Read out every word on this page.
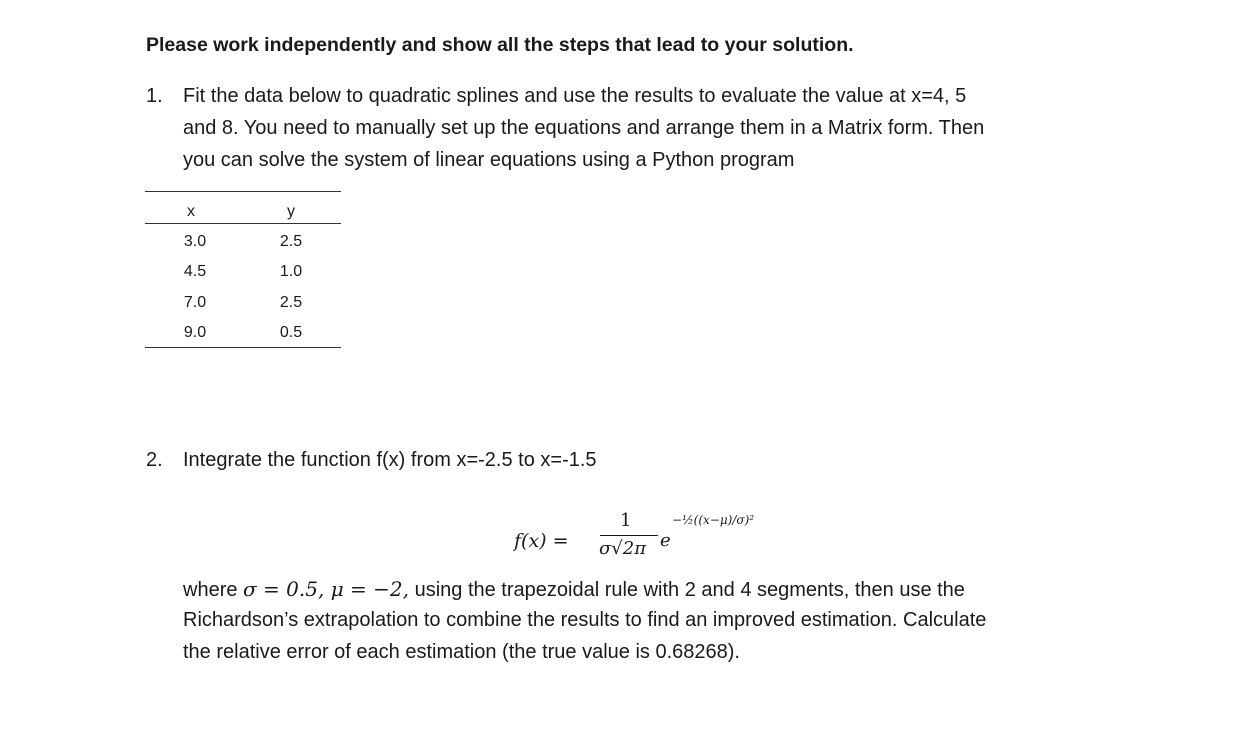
Please work independently and show all the steps that lead to your solution.
1. Fit the data below to quadratic splines and use the results to evaluate the value at x=4, 5
and 8. You need to manually set up the equations and arrange them in a Matrix form. Then
you can solve the system of linear equations using a Python program
x	y
3.0	2.5
4.5	1.0
7.0	2.5
9.0	0.5
2. Integrate the function f(x) from x=-2.5 to x=-1.5
f(x) =
1
σ√2π e
−½((x−μ)/σ)²
where σ = 0.5, μ = −2, using the trapezoidal rule with 2 and 4 segments, then use the
Richardson’s extrapolation to combine the results to find an improved estimation. Calculate
the relative error of each estimation (the true value is 0.68268).
